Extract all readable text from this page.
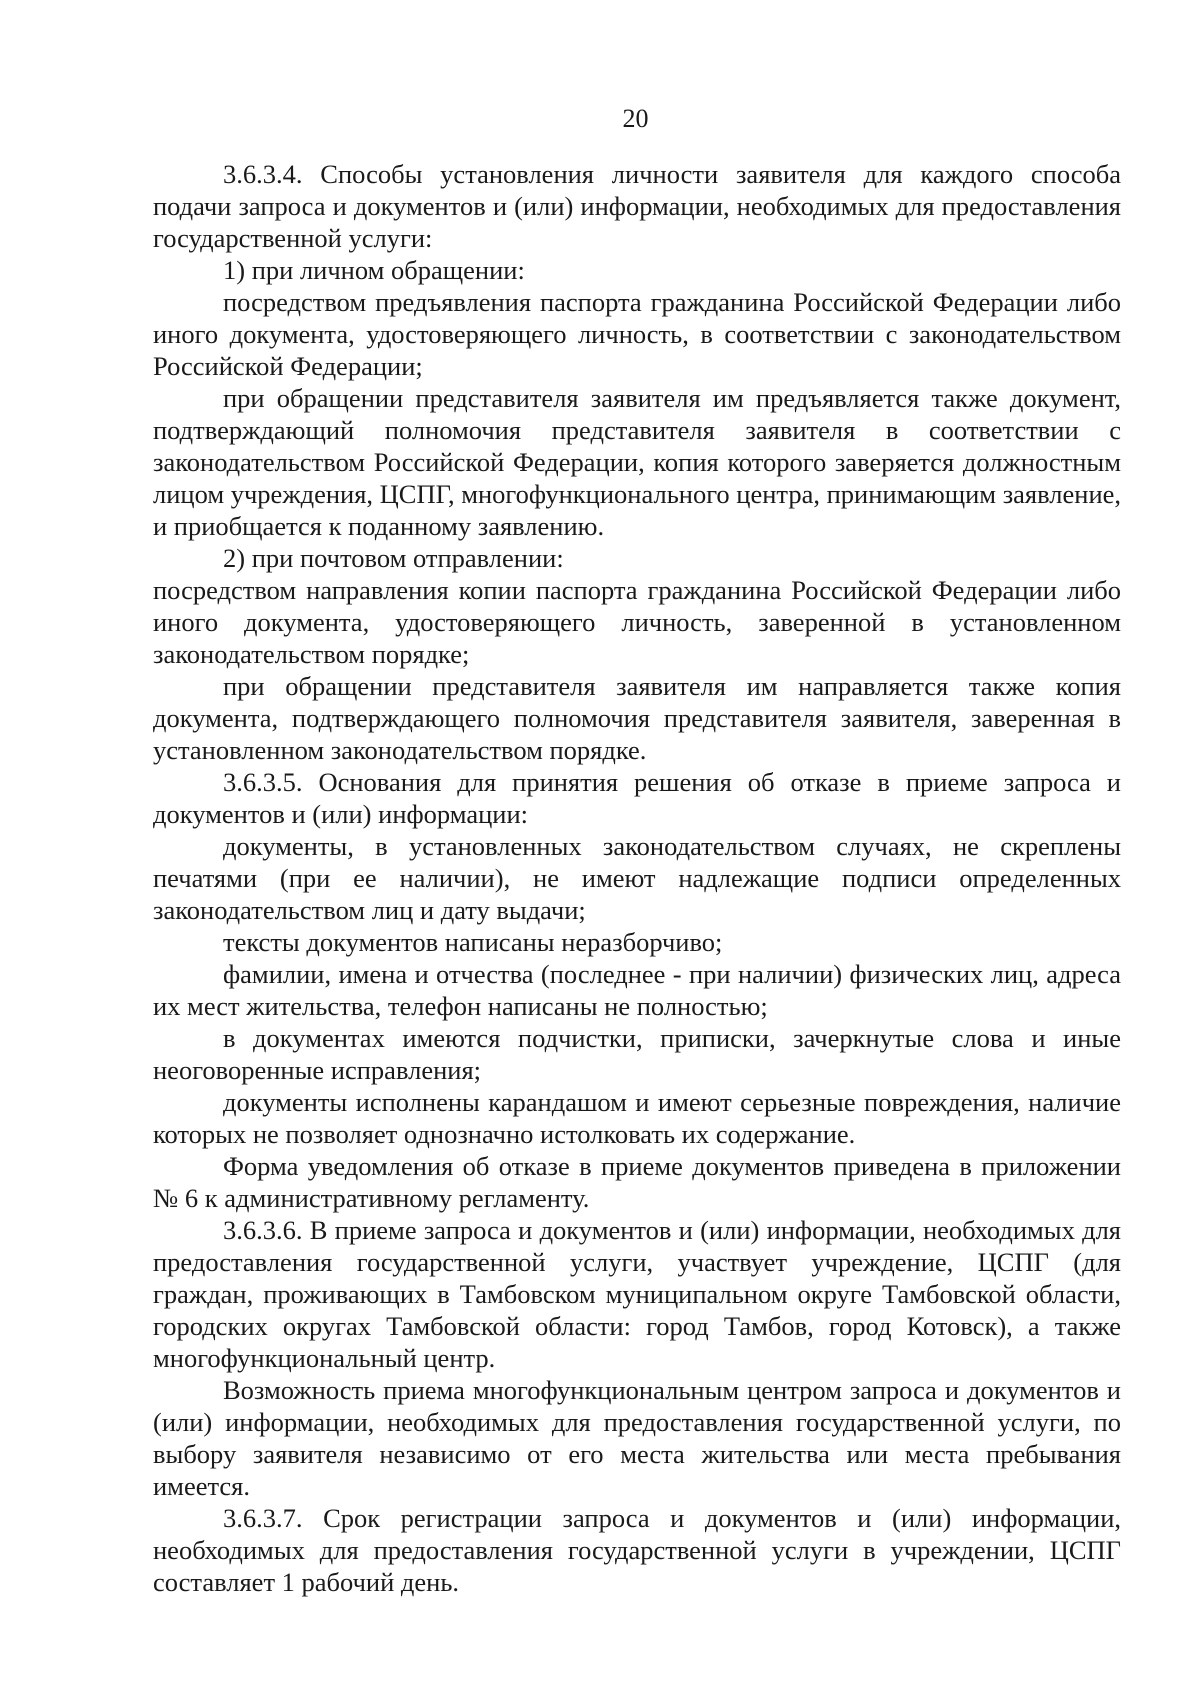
20

3.6.3.4. Способы установления личности заявителя для каждого способа подачи запроса и документов и (или) информации, необходимых для предоставления государственной услуги:

1) при личном обращении:

посредством предъявления паспорта гражданина Российской Федерации либо иного документа, удостоверяющего личность, в соответствии с законодательством Российской Федерации;

при обращении представителя заявителя им предъявляется также документ, подтверждающий полномочия представителя заявителя в соответствии с законодательством Российской Федерации, копия которого заверяется должностным лицом учреждения, ЦСПГ, многофункционального центра, принимающим заявление, и приобщается к поданному заявлению.

2) при почтовом отправлении:

посредством направления копии паспорта гражданина Российской Федерации либо иного документа, удостоверяющего личность, заверенной в установленном законодательством порядке;

при обращении представителя заявителя им направляется также копия документа, подтверждающего полномочия представителя заявителя, заверенная в установленном законодательством порядке.

3.6.3.5. Основания для принятия решения об отказе в приеме запроса и документов и (или) информации:

документы, в установленных законодательством случаях, не скреплены печатями (при ее наличии), не имеют надлежащие подписи определенных законодательством лиц и дату выдачи;

тексты документов написаны неразборчиво;

фамилии, имена и отчества (последнее - при наличии) физических лиц, адреса их мест жительства, телефон написаны не полностью;

в документах имеются подчистки, приписки, зачеркнутые слова и иные неоговоренные исправления;

документы исполнены карандашом и имеют серьезные повреждения, наличие которых не позволяет однозначно истолковать их содержание.

Форма уведомления об отказе в приеме документов приведена в приложении № 6 к административному регламенту.

3.6.3.6. В приеме запроса и документов и (или) информации, необходимых для предоставления государственной услуги, участвует учреждение, ЦСПГ (для граждан, проживающих в Тамбовском муниципальном округе Тамбовской области, городских округах Тамбовской области: город Тамбов, город Котовск), а также многофункциональный центр.

Возможность приема многофункциональным центром запроса и документов и (или) информации, необходимых для предоставления государственной услуги, по выбору заявителя независимо от его места жительства или места пребывания имеется.

3.6.3.7. Срок регистрации запроса и документов и (или) информации, необходимых для предоставления государственной услуги в учреждении, ЦСПГ составляет 1 рабочий день.
